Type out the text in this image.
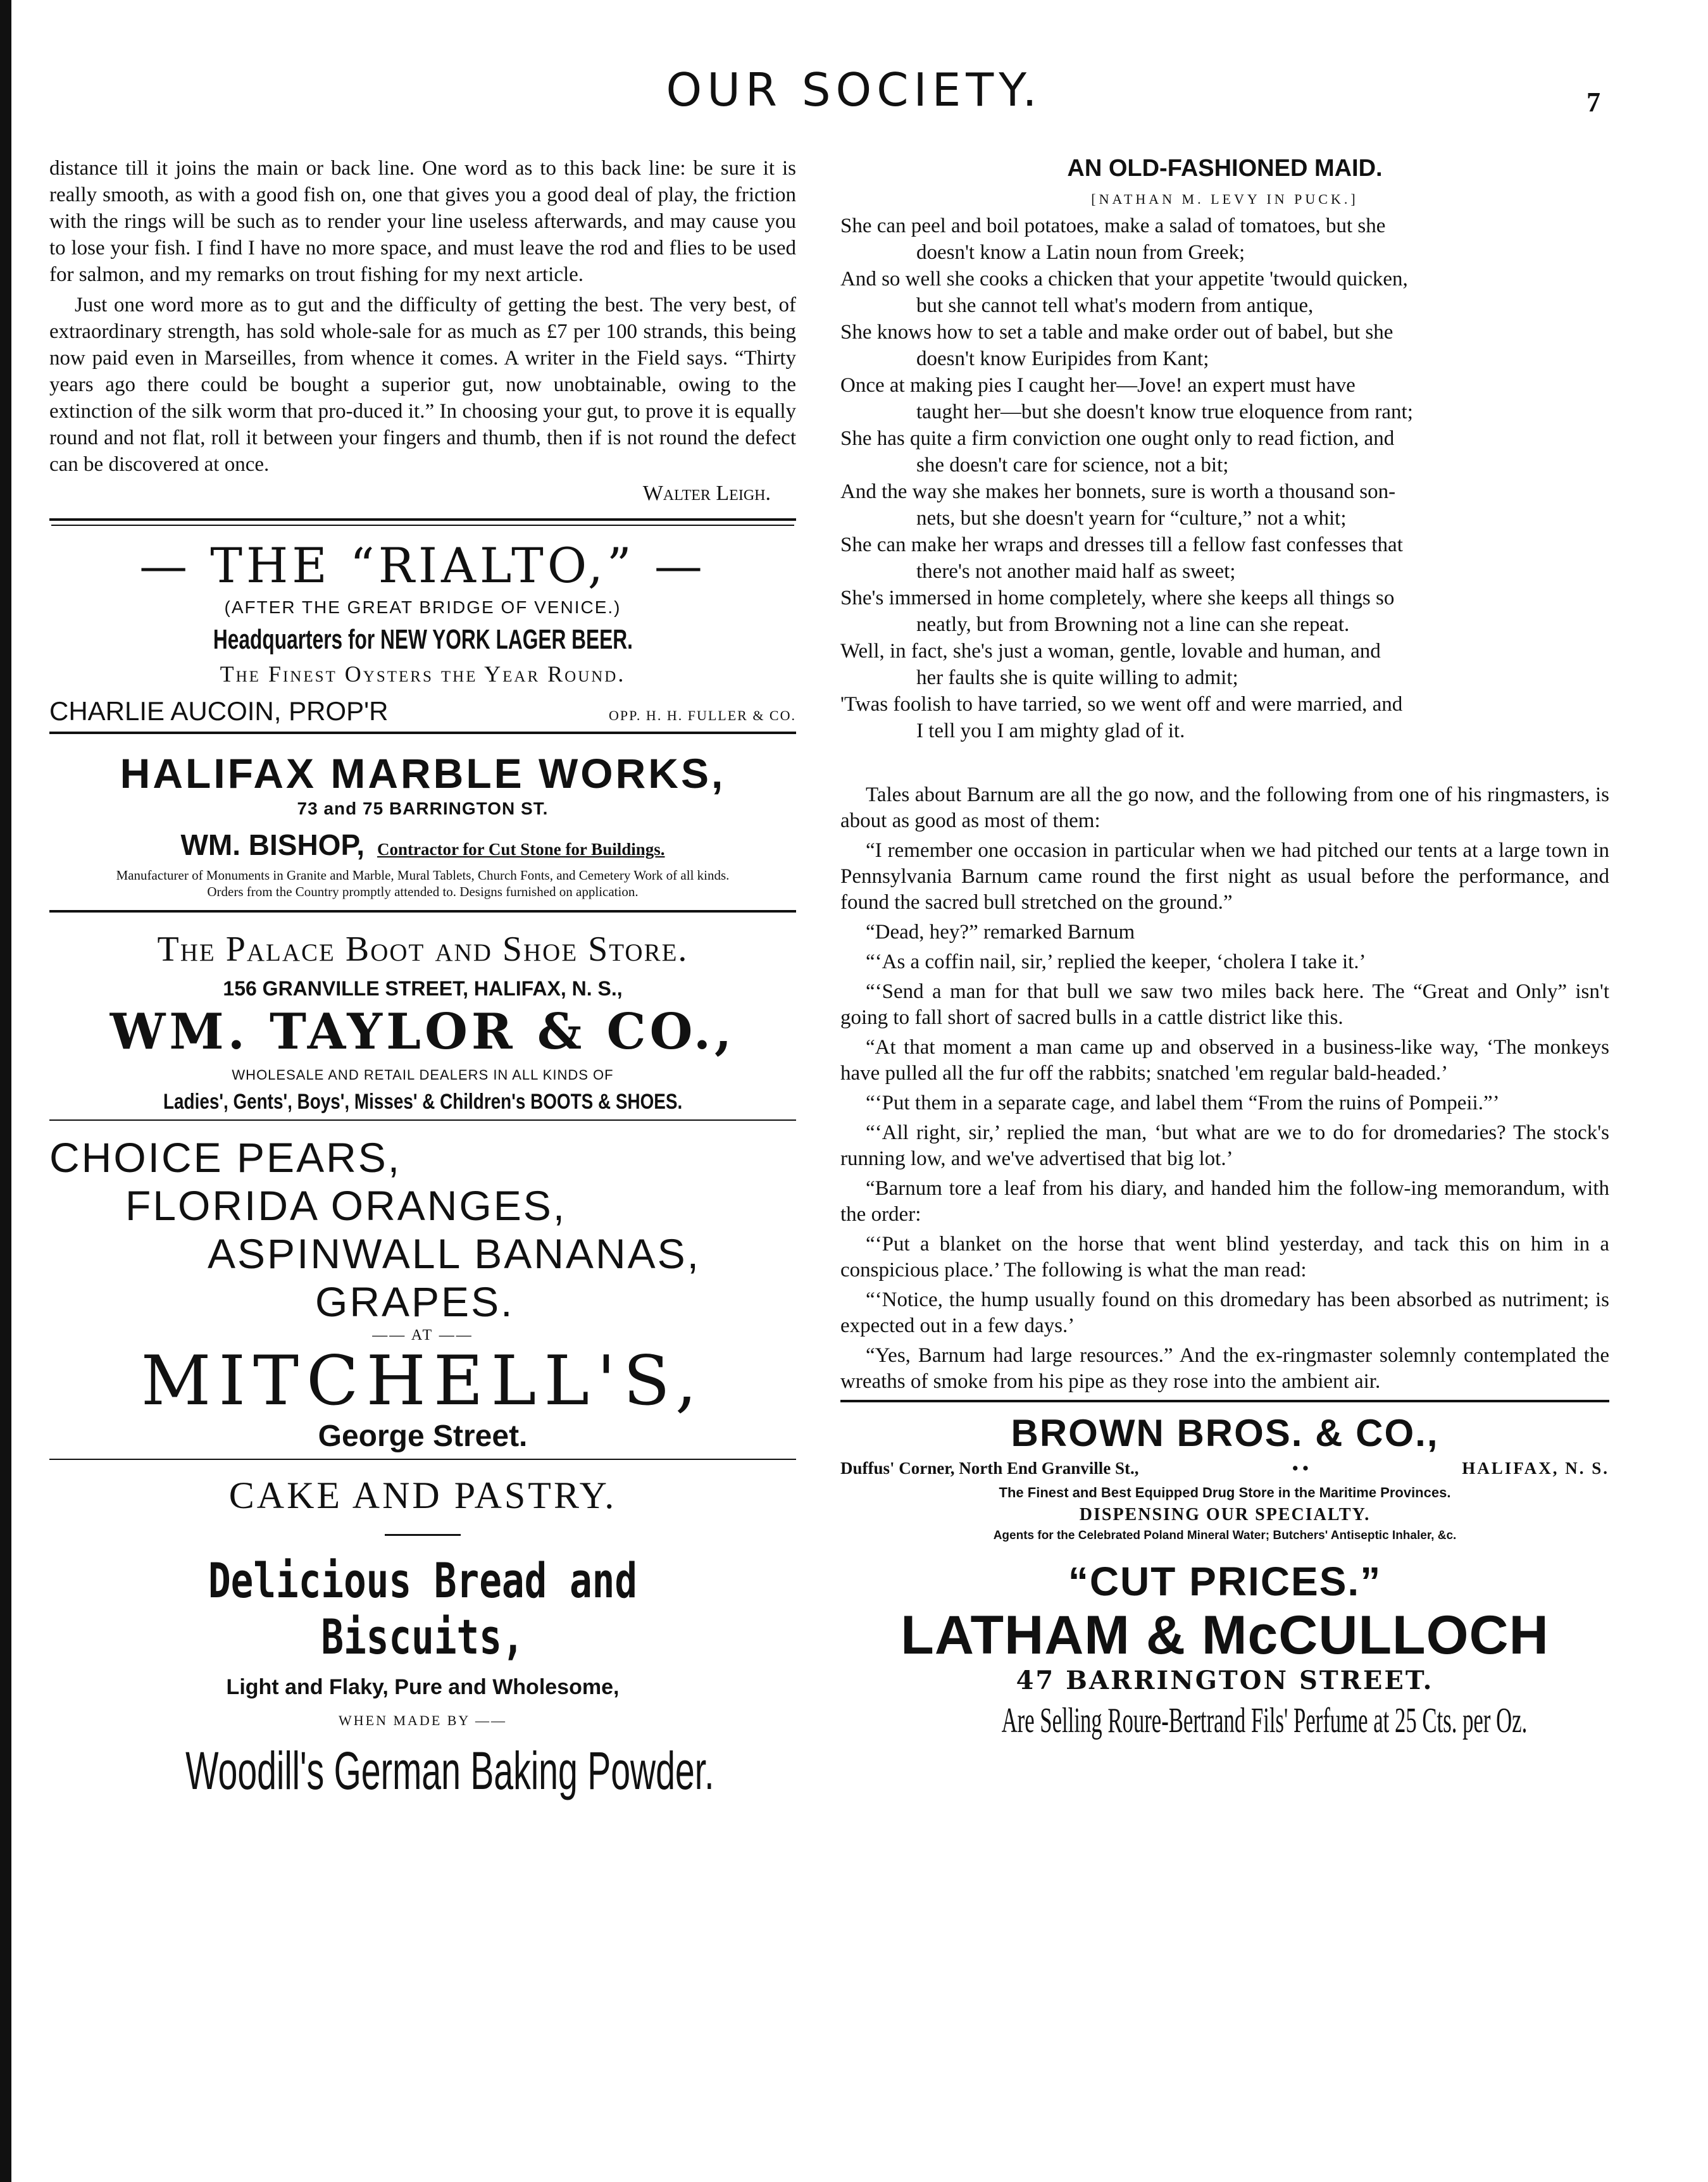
OUR SOCIETY.	7

distance till it joins the main or back line. One word as to this back line: be sure it is really smooth, as with a good fish on, one that gives you a good deal of play, the friction with the rings will be such as to render your line useless afterwards, and may cause you to lose your fish. I find I have no more space, and must leave the rod and flies to be used for salmon, and my remarks on trout fishing for my next article.

Just one word more as to gut and the difficulty of getting the best. The very best, of extraordinary strength, has sold whole-sale for as much as £7 per 100 strands, this being now paid even in Marseilles, from whence it comes. A writer in the Field says. “Thirty years ago there could be bought a superior gut, now unobtainable, owing to the extinction of the silk worm that pro-duced it.” In choosing your gut, to prove it is equally round and not flat, roll it between your fingers and thumb, then if is not round the defect can be discovered at once.

Walter Leigh.
— THE “RIALTO,” —
(AFTER THE GREAT BRIDGE OF VENICE.)
Headquarters for NEW YORK LAGER BEER.
The Finest Oysters the Year Round.
CHARLIE AUCOIN, PROP'R	OPP. H. H. FULLER & CO.
HALIFAX MARBLE WORKS,
73 and 75 BARRINGTON ST.
WM. BISHOP, Contractor for Cut Stone for Buildings.
Manufacturer of Monuments in Granite and Marble, Mural Tablets, Church Fonts, and Cemetery Work of all kinds.
Orders from the Country promptly attended to. Designs furnished on application.
The Palace Boot and Shoe Store.
156 GRANVILLE STREET, HALIFAX, N. S.,
WM. TAYLOR & CO.,
WHOLESALE AND RETAIL DEALERS IN ALL KINDS OF
Ladies', Gents', Boys', Misses' & Children's BOOTS & SHOES.
CHOICE PEARS,
FLORIDA ORANGES,
ASPINWALL BANANAS,
GRAPES.
—— AT ——
MITCHELL'S,
George Street.
CAKE AND PASTRY.
Delicious Bread and Biscuits,
Light and Flaky, Pure and Wholesome,
WHEN MADE BY ——
Woodill's German Baking Powder.
AN OLD-FASHIONED MAID.
[NATHAN M. LEVY IN PUCK.]
She can peel and boil potatoes, make a salad of tomatoes, but she
doesn't know a Latin noun from Greek;
And so well she cooks a chicken that your appetite 'twould quicken,
but she cannot tell what's modern from antique,
She knows how to set a table and make order out of babel, but she
doesn't know Euripides from Kant;
Once at making pies I caught her—Jove! an expert must have
taught her—but she doesn't know true eloquence from rant;
She has quite a firm conviction one ought only to read fiction, and
she doesn't care for science, not a bit;
And the way she makes her bonnets, sure is worth a thousand son-
nets, but she doesn't yearn for “culture,” not a whit;
She can make her wraps and dresses till a fellow fast confesses that
there's not another maid half as sweet;
She's immersed in home completely, where she keeps all things so
neatly, but from Browning not a line can she repeat.
Well, in fact, she's just a woman, gentle, lovable and human, and
her faults she is quite willing to admit;
'Twas foolish to have tarried, so we went off and were married, and
I tell you I am mighty glad of it.

Tales about Barnum are all the go now, and the following from one of his ringmasters, is about as good as most of them:

“I remember one occasion in particular when we had pitched our tents at a large town in Pennsylvania Barnum came round the first night as usual before the performance, and found the sacred bull stretched on the ground.”

“Dead, hey?” remarked Barnum

“‘As a coffin nail, sir,’ replied the keeper, ‘cholera I take it.’

“‘Send a man for that bull we saw two miles back here. The “Great and Only” isn't going to fall short of sacred bulls in a cattle district like this.

“At that moment a man came up and observed in a business-like way, ‘The monkeys have pulled all the fur off the rabbits; snatched 'em regular bald-headed.’

“‘Put them in a separate cage, and label them “From the ruins of Pompeii.”’

“‘All right, sir,’ replied the man, ‘but what are we to do for dromedaries? The stock's running low, and we've advertised that big lot.’

“Barnum tore a leaf from his diary, and handed him the follow-ing memorandum, with the order:

“‘Put a blanket on the horse that went blind yesterday, and tack this on him in a conspicious place.’ The following is what the man read:

“‘Notice, the hump usually found on this dromedary has been absorbed as nutriment; is expected out in a few days.’

“Yes, Barnum had large resources.” And the ex-ringmaster solemnly contemplated the wreaths of smoke from his pipe as they rose into the ambient air.

BROWN BROS. & CO.,
Duffus' Corner, North End Granville St.,	• •	HALIFAX, N. S.
The Finest and Best Equipped Drug Store in the Maritime Provinces.
DISPENSING OUR SPECIALTY.
Agents for the Celebrated Poland Mineral Water; Butchers' Antiseptic Inhaler, &c.
“CUT PRICES.”
LATHAM & McCULLOCH
47 BARRINGTON STREET.
Are Selling Roure-Bertrand Fils' Perfume at 25 Cts. per Oz.
